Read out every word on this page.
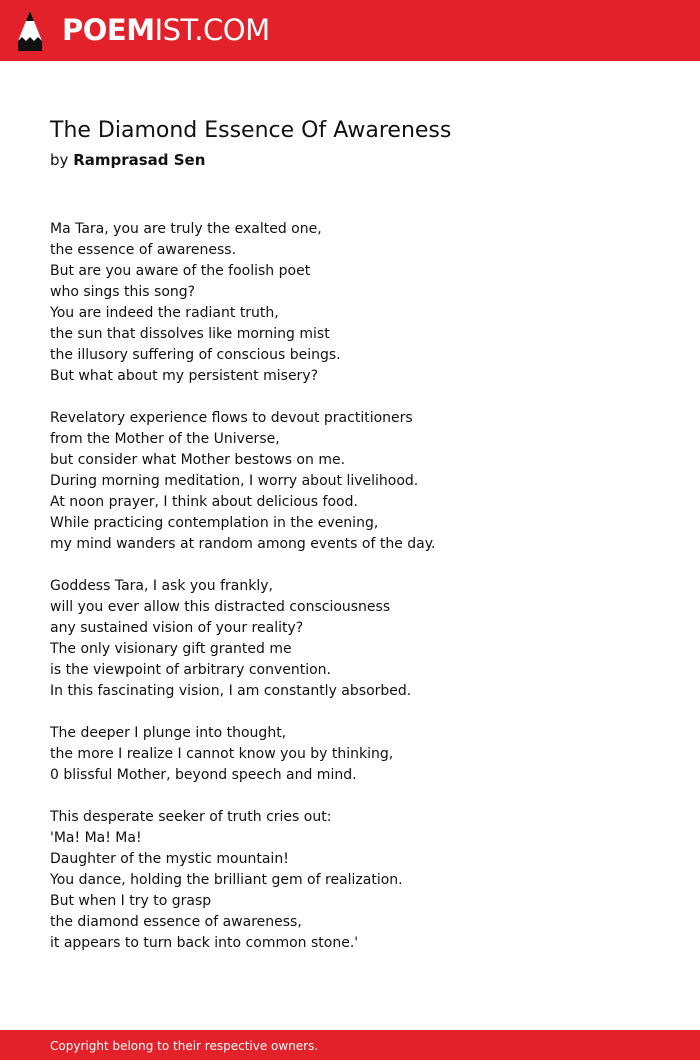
POEMIST.COM
The Diamond Essence Of Awareness
by Ramprasad Sen
Ma Tara, you are truly the exalted one,
the essence of awareness.
But are you aware of the foolish poet
who sings this song?
You are indeed the radiant truth,
the sun that dissolves like morning mist
the illusory suffering of conscious beings.
But what about my persistent misery?
Revelatory experience flows to devout practitioners
from the Mother of the Universe,
but consider what Mother bestows on me.
During morning meditation, I worry about livelihood.
At noon prayer, I think about delicious food.
While practicing contemplation in the evening,
my mind wanders at random among events of the day.
Goddess Tara, I ask you frankly,
will you ever allow this distracted consciousness
any sustained vision of your reality?
The only visionary gift granted me
is the viewpoint of arbitrary convention.
In this fascinating vision, I am constantly absorbed.
The deeper I plunge into thought,
the more I realize I cannot know you by thinking,
0 blissful Mother, beyond speech and mind.
This desperate seeker of truth cries out:
'Ma! Ma! Ma!
Daughter of the mystic mountain!
You dance, holding the brilliant gem of realization.
But when I try to grasp
the diamond essence of awareness,
it appears to turn back into common stone.'
Copyright belong to their respective owners.
